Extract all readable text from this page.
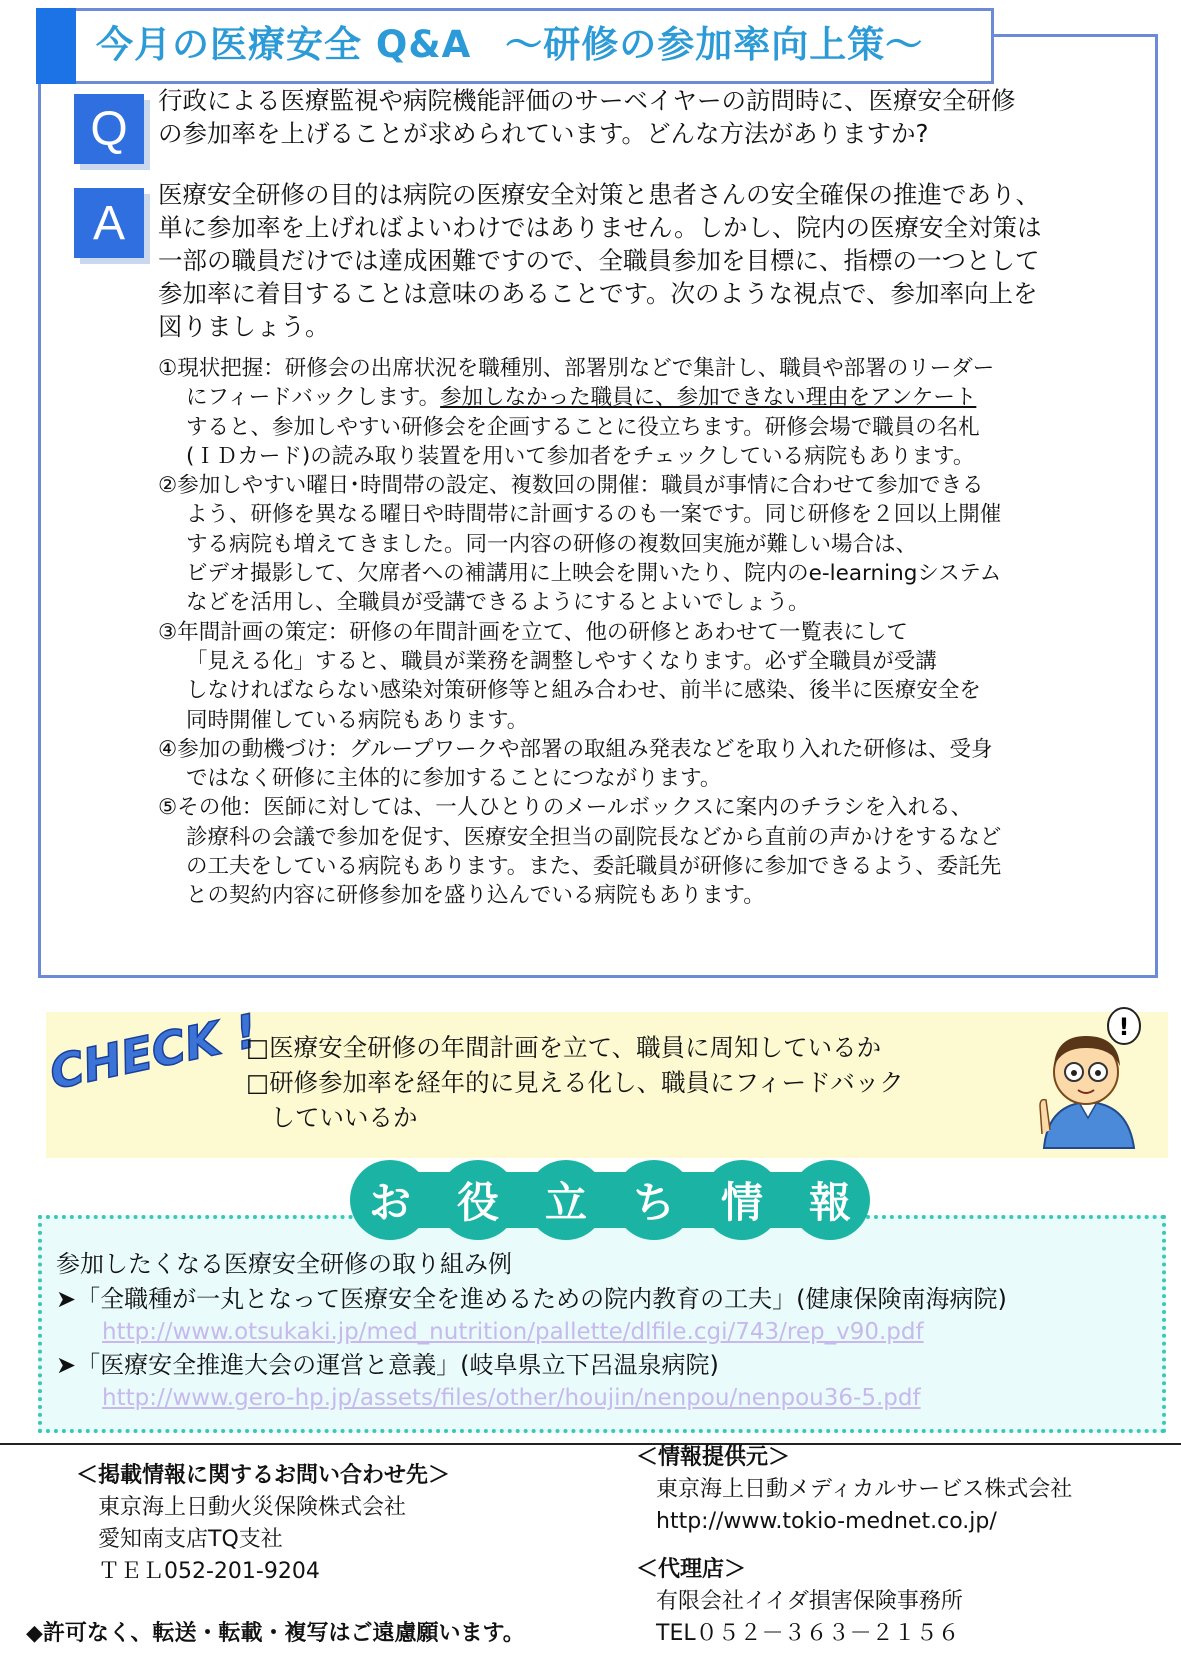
今月の医療安全 Q&A ～研修の参加率向上策～
Q
A
行政による医療監視や病院機能評価のサーベイヤーの訪問時に、医療安全研修
の参加率を上げることが求められています。どんな方法がありますか?
医療安全研修の目的は病院の医療安全対策と患者さんの安全確保の推進であり、
単に参加率を上げればよいわけではありません。しかし、院内の医療安全対策は
一部の職員だけでは達成困難ですので、全職員参加を目標に、指標の一つとして
参加率に着目することは意味のあることです。次のような視点で、参加率向上を
図りましょう。
①現状把握：研修会の出席状況を職種別、部署別などで集計し、職員や部署のリーダー
にフィードバックします。参加しなかった職員に、参加できない理由をアンケート
すると、参加しやすい研修会を企画することに役立ちます。研修会場で職員の名札
(ＩＤカード)の読み取り装置を用いて参加者をチェックしている病院もあります。
②参加しやすい曜日･時間帯の設定、複数回の開催：職員が事情に合わせて参加できる
よう、研修を異なる曜日や時間帯に計画するのも一案です。同じ研修を２回以上開催
する病院も増えてきました。同一内容の研修の複数回実施が難しい場合は、
ビデオ撮影して、欠席者への補講用に上映会を開いたり、院内のe-learningシステム
などを活用し、全職員が受講できるようにするとよいでしょう。
③年間計画の策定：研修の年間計画を立て、他の研修とあわせて一覧表にして
「見える化」すると、職員が業務を調整しやすくなります。必ず全職員が受講
しなければならない感染対策研修等と組み合わせ、前半に感染、後半に医療安全を
同時開催している病院もあります。
④参加の動機づけ：グループワークや部署の取組み発表などを取り入れた研修は、受身
ではなく研修に主体的に参加することにつながります。
⑤その他：医師に対しては、一人ひとりのメールボックスに案内のチラシを入れる、
診療科の会議で参加を促す、医療安全担当の副院長などから直前の声かけをするなど
の工夫をしている病院もあります。また、委託職員が研修に参加できるよう、委託先
との契約内容に研修参加を盛り込んでいる病院もあります。
CHECK !
□医療安全研修の年間計画を立て、職員に周知しているか
□研修参加率を経年的に見える化し、職員にフィードバック
　していいるか
!
お	役	立	ち	情	報
参加したくなる医療安全研修の取り組み例
➤「全職種が一丸となって医療安全を進めるための院内教育の工夫」(健康保険南海病院)
http://www.otsukaki.jp/med_nutrition/pallette/dlfile.cgi/743/rep_v90.pdf
➤「医療安全推進大会の運営と意義」(岐阜県立下呂温泉病院)
http://www.gero-hp.jp/assets/files/other/houjin/nenpou/nenpou36-5.pdf
＜掲載情報に関するお問い合わせ先＞
東京海上日動火災保険株式会社
愛知南支店TQ支社
ＴＥＬ052-201-9204
◆許可なく、転送・転載・複写はご遠慮願います。
＜情報提供元＞
東京海上日動メディカルサービス株式会社
http://www.tokio-mednet.co.jp/
＜代理店＞
有限会社イイダ損害保険事務所
TEL０５２－３６３－２１５６
